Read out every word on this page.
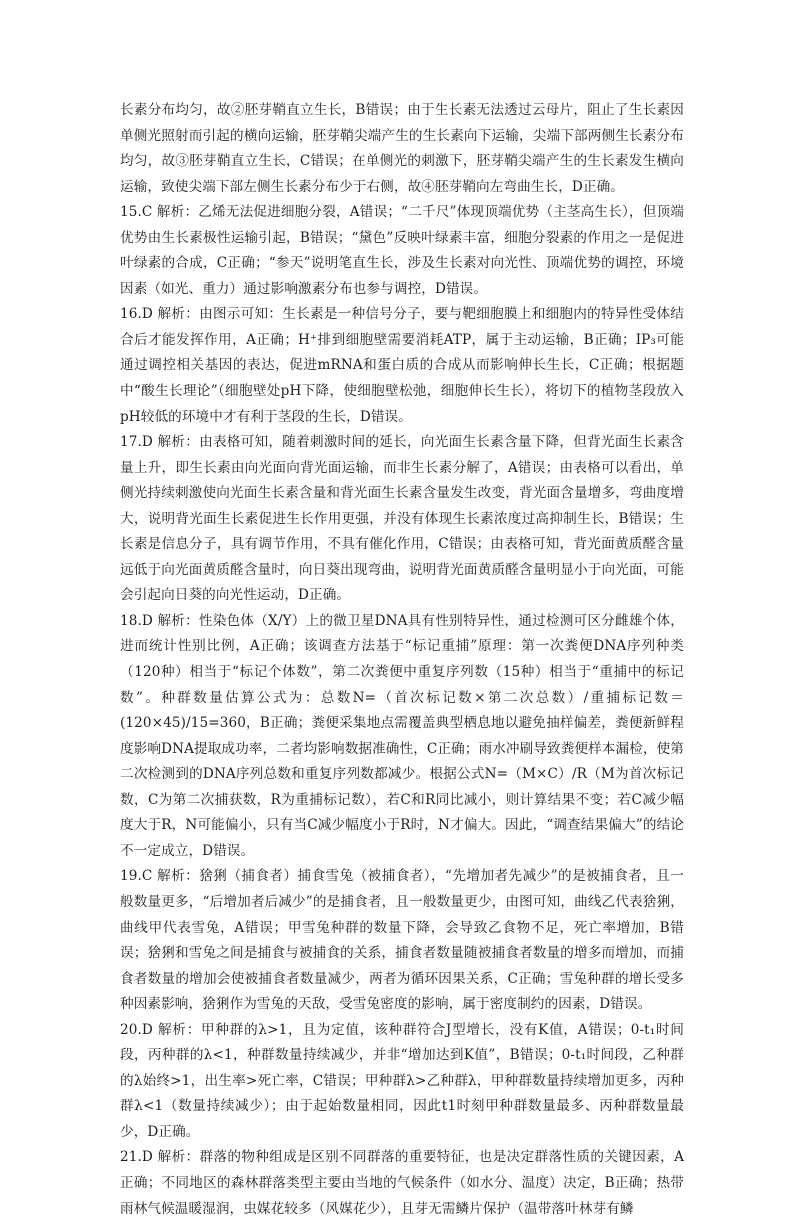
长素分布均匀，故②胚芽鞘直立生长，B错误；由于生长素无法透过云母片，阻止了生长素因单侧光照射而引起的横向运输，胚芽鞘尖端产生的生长素向下运输，尖端下部两侧生长素分布均匀，故③胚芽鞘直立生长，C错误；在单侧光的刺激下，胚芽鞘尖端产生的生长素发生横向运输，致使尖端下部左侧生长素分布少于右侧，故④胚芽鞘向左弯曲生长，D正确。

15.C 解析：乙烯无法促进细胞分裂，A错误；“二千尺”体现顶端优势（主茎高生长），但顶端优势由生长素极性运输引起，B错误；“黛色”反映叶绿素丰富，细胞分裂素的作用之一是促进叶绿素的合成，C正确；“参天”说明笔直生长，涉及生长素对向光性、顶端优势的调控，环境因素（如光、重力）通过影响激素分布也参与调控，D错误。

16.D 解析：由图示可知：生长素是一种信号分子，要与靶细胞膜上和细胞内的特异性受体结合后才能发挥作用，A正确；H⁺排到细胞壁需要消耗ATP，属于主动运输，B正确；IP₃可能通过调控相关基因的表达，促进mRNA和蛋白质的合成从而影响伸长生长，C正确；根据题中“酸生长理论”（细胞壁处pH下降，使细胞壁松弛，细胞伸长生长），将切下的植物茎段放入pH较低的环境中才有利于茎段的生长，D错误。

17.D 解析：由表格可知，随着刺激时间的延长，向光面生长素含量下降，但背光面生长素含量上升，即生长素由向光面向背光面运输，而非生长素分解了，A错误；由表格可以看出，单侧光持续刺激使向光面生长素含量和背光面生长素含量发生改变，背光面含量增多，弯曲度增大，说明背光面生长素促进生长作用更强，并没有体现生长素浓度过高抑制生长，B错误；生长素是信息分子，具有调节作用，不具有催化作用，C错误；由表格可知，背光面黄质醛含量远低于向光面黄质醛含量时，向日葵出现弯曲，说明背光面黄质醛含量明显小于向光面，可能会引起向日葵的向光性运动，D正确。

18.D 解析：性染色体（X/Y）上的微卫星DNA具有性别特异性，通过检测可区分雌雄个体，进而统计性别比例，A正确；该调查方法基于“标记重捕”原理：第一次粪便DNA序列种类（120种）相当于“标记个体数”，第二次粪便中重复序列数（15种）相当于“重捕中的标记数”。种群数量估算公式为：总数N=（首次标记数×第二次总数）/重捕标记数＝(120×45)/15=360，B正确；粪便采集地点需覆盖典型栖息地以避免抽样偏差，粪便新鲜程度影响DNA提取成功率，二者均影响数据准确性，C正确；雨水冲刷导致粪便样本漏检，使第二次检测到的DNA序列总数和重复序列数都减少。根据公式N=（M×C）/R（M为首次标记数，C为第二次捕获数，R为重捕标记数），若C和R同比减小，则计算结果不变；若C减少幅度大于R，N可能偏小，只有当C减少幅度小于R时，N才偏大。因此，“调查结果偏大”的结论不一定成立，D错误。

19.C 解析：猞猁（捕食者）捕食雪兔（被捕食者），“先增加者先减少”的是被捕食者，且一般数量更多，“后增加者后减少”的是捕食者，且一般数量更少，由图可知，曲线乙代表猞猁，曲线甲代表雪兔，A错误；甲雪兔种群的数量下降，会导致乙食物不足，死亡率增加，B错误；猞猁和雪兔之间是捕食与被捕食的关系，捕食者数量随被捕食者数量的增多而增加，而捕食者数量的增加会使被捕食者数量减少，两者为循环因果关系，C正确；雪兔种群的增长受多种因素影响，猞猁作为雪兔的天敌，受雪兔密度的影响，属于密度制约的因素，D错误。

20.D 解析：甲种群的λ>1，且为定值，该种群符合J型增长，没有K值，A错误；0-t₁时间段，丙种群的λ<1，种群数量持续减少，并非“增加达到K值”，B错误；0-t₁时间段，乙种群的λ始终>1，出生率>死亡率，C错误；甲种群λ>乙种群λ，甲种群数量持续增加更多，丙种群λ<1（数量持续减少）；由于起始数量相同，因此t1时刻甲种群数量最多、丙种群数量最少，D正确。

21.D 解析：群落的物种组成是区别不同群落的重要特征，也是决定群落性质的关键因素，A正确；不同地区的森林群落类型主要由当地的气候条件（如水分、温度）决定，B正确；热带雨林气候温暖湿润，虫媒花较多（风媒花少），且芽无需鳞片保护（温带落叶林芽有鳞
